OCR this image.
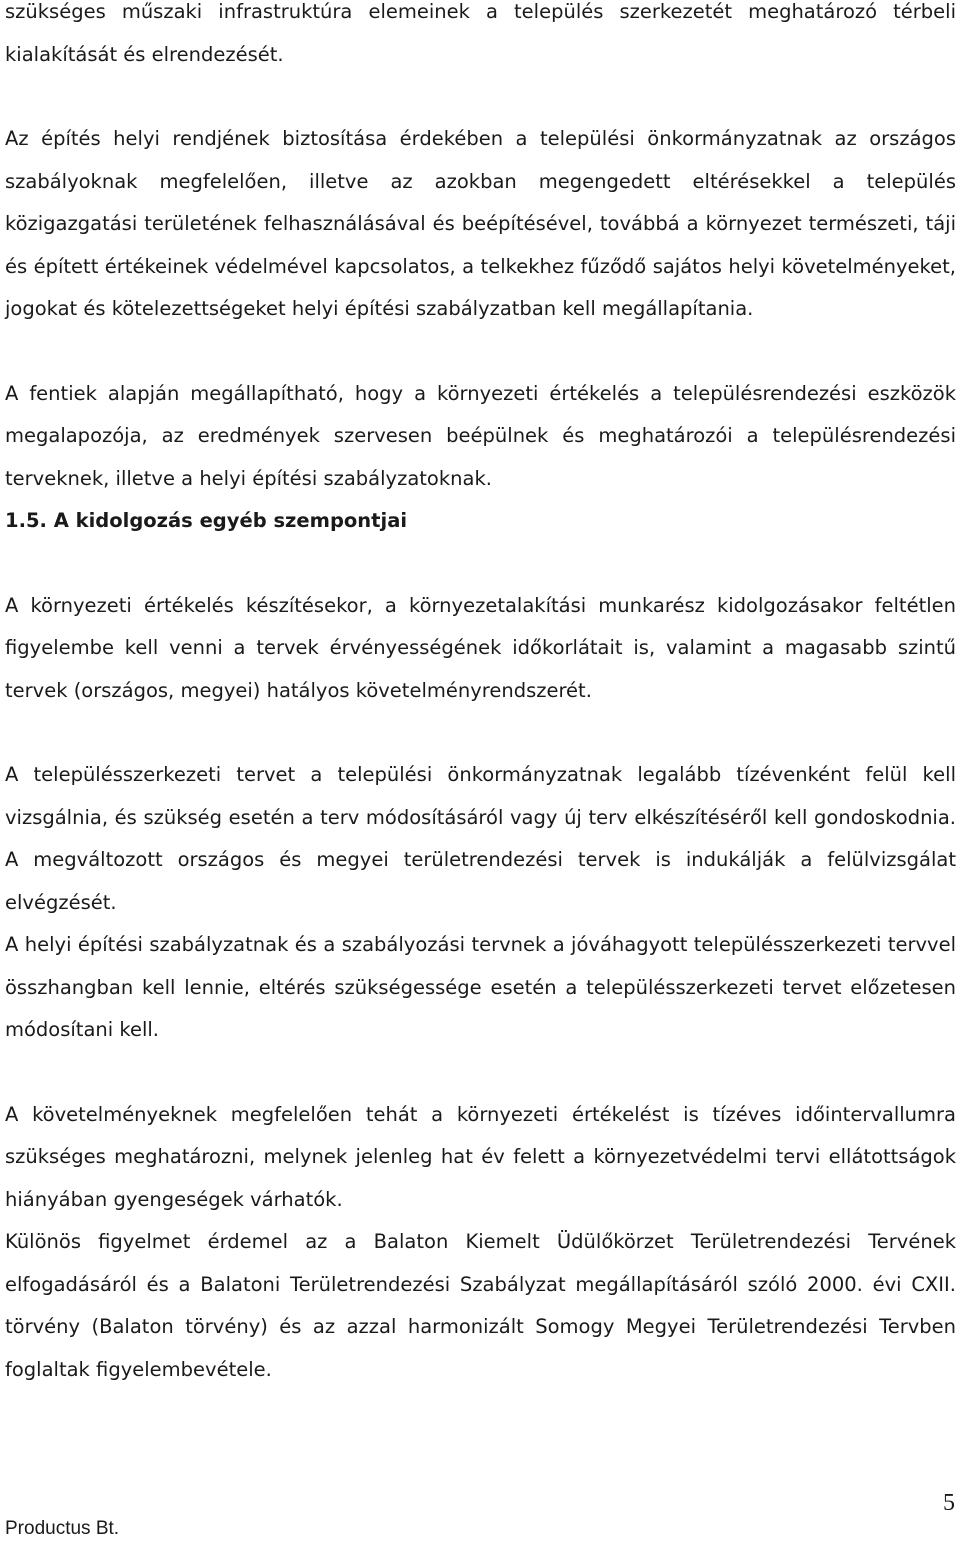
szükséges műszaki infrastruktúra elemeinek a település szerkezetét meghatározó térbeli kialakítását és elrendezését.

Az építés helyi rendjének biztosítása érdekében a települési önkormányzatnak az országos szabályoknak megfelelően, illetve az azokban megengedett eltérésekkel a település közigazgatási területének felhasználásával és beépítésével, továbbá a környezet természeti, táji és épített értékeinek védelmével kapcsolatos, a telkekhez fűződő sajátos helyi követelményeket, jogokat és kötelezettségeket helyi építési szabályzatban kell megállapítania.

A fentiek alapján megállapítható, hogy a környezeti értékelés a településrendezési eszközök megalapozója, az eredmények szervesen beépülnek és meghatározói a településrendezési terveknek, illetve a helyi építési szabályzatoknak.

1.5. A kidolgozás egyéb szempontjai

A környezeti értékelés készítésekor, a környezetalakítási munkarész kidolgozásakor feltétlen figyelembe kell venni a tervek érvényességének időkorlátait is, valamint a magasabb szintű tervek (országos, megyei) hatályos követelményrendszerét.

A településszerkezeti tervet a települési önkormányzatnak legalább tízévenként felül kell vizsgálnia, és szükség esetén a terv módosításáról vagy új terv elkészítéséről kell gondoskodnia. A megváltozott országos és megyei területrendezési tervek is indukálják a felülvizsgálat elvégzését.

A helyi építési szabályzatnak és a szabályozási tervnek a jóváhagyott településszerkezeti tervvel összhangban kell lennie, eltérés szükségessége esetén a településszerkezeti tervet előzetesen módosítani kell.

A követelményeknek megfelelően tehát a környezeti értékelést is tízéves időintervallumra szükséges meghatározni, melynek jelenleg hat év felett a környezetvédelmi tervi ellátottságok hiányában gyengeségek várhatók.

Különös figyelmet érdemel az a Balaton Kiemelt Üdülőkörzet Területrendezési Tervének elfogadásáról és a Balatoni Területrendezési Szabályzat megállapításáról szóló 2000. évi CXII. törvény (Balaton törvény) és az azzal harmonizált Somogy Megyei Területrendezési Tervben foglaltak figyelembevétele.

Productus Bt.
5
